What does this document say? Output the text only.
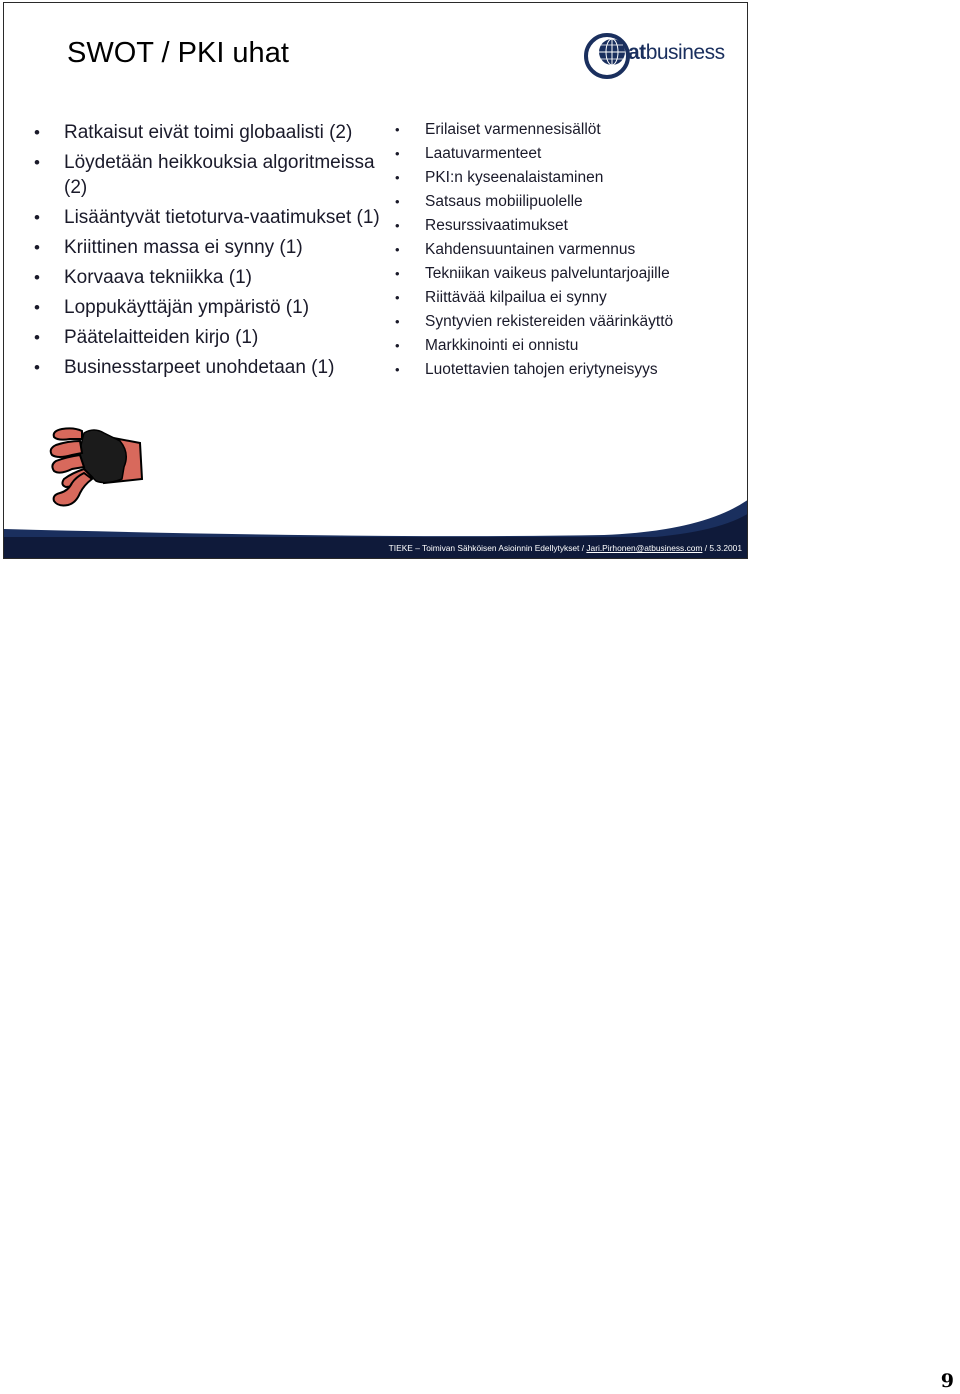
SWOT / PKI uhat	atbusiness
• Ratkaisut eivät toimi globaalisti (2)
• Löydetään heikkouksia algoritmeissa (2)
• Lisääntyvät tietoturva-vaatimukset (1)
• Kriittinen massa ei synny (1)
• Korvaava tekniikka (1)
• Loppukäyttäjän ympäristö (1)
• Päätelaitteiden kirjo (1)
• Businesstarpeet unohdetaan (1)
• Erilaiset varmennesisällöt
• Laatuvarmenteet
• PKI:n kyseenalaistaminen
• Satsaus mobiilipuolelle
• Resurssivaatimukset
• Kahdensuuntainen varmennus
• Tekniikan vaikeus palveluntarjoajille
• Riittävää kilpailua ei synny
• Syntyvien rekistereiden väärinkäyttö
• Markkinointi ei onnistu
• Luotettavien tahojen eriytyneisyys
TIEKE – Toimivan Sähköisen Asioinnin Edellytykset / Jari.Pirhonen@atbusiness.com / 5.3.2001
9
